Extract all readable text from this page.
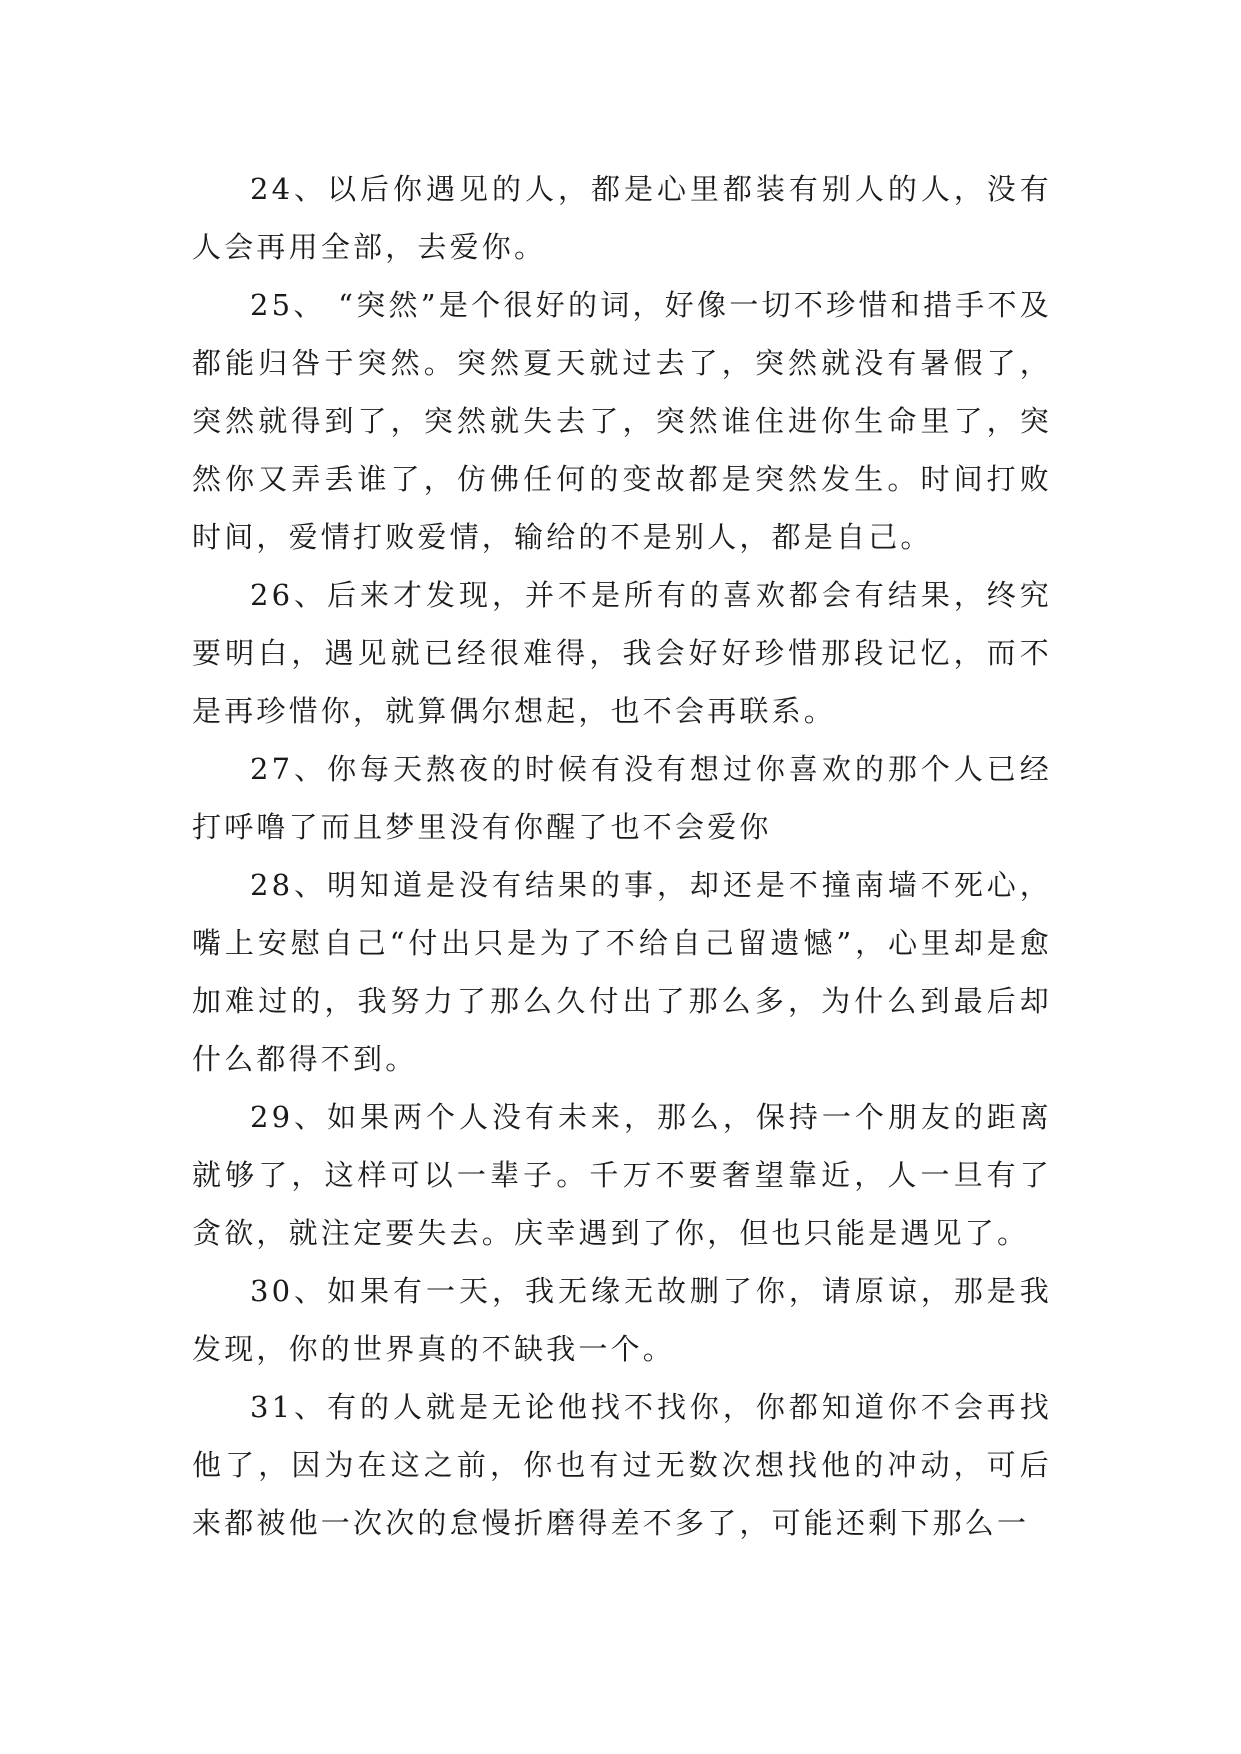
24、以后你遇见的人，都是心里都装有别人的人，没有人会再用全部，去爱你。

25、 “突然”是个很好的词，好像一切不珍惜和措手不及都能归咎于突然。突然夏天就过去了，突然就没有暑假了，突然就得到了，突然就失去了，突然谁住进你生命里了，突然你又弄丢谁了，仿佛任何的变故都是突然发生。时间打败时间，爱情打败爱情，输给的不是别人，都是自己。

26、后来才发现，并不是所有的喜欢都会有结果，终究要明白，遇见就已经很难得，我会好好珍惜那段记忆，而不是再珍惜你，就算偶尔想起，也不会再联系。

27、你每天熬夜的时候有没有想过你喜欢的那个人已经打呼噜了而且梦里没有你醒了也不会爱你

28、明知道是没有结果的事，却还是不撞南墙不死心，嘴上安慰自己“付出只是为了不给自己留遗憾”，心里却是愈加难过的，我努力了那么久付出了那么多，为什么到最后却什么都得不到。

29、如果两个人没有未来，那么，保持一个朋友的距离就够了，这样可以一辈子。千万不要奢望靠近，人一旦有了贪欲，就注定要失去。庆幸遇到了你，但也只能是遇见了。

30、如果有一天，我无缘无故删了你，请原谅，那是我发现，你的世界真的不缺我一个。

31、有的人就是无论他找不找你，你都知道你不会再找他了，因为在这之前，你也有过无数次想找他的冲动，可后来都被他一次次的怠慢折磨得差不多了，可能还剩下那么一
